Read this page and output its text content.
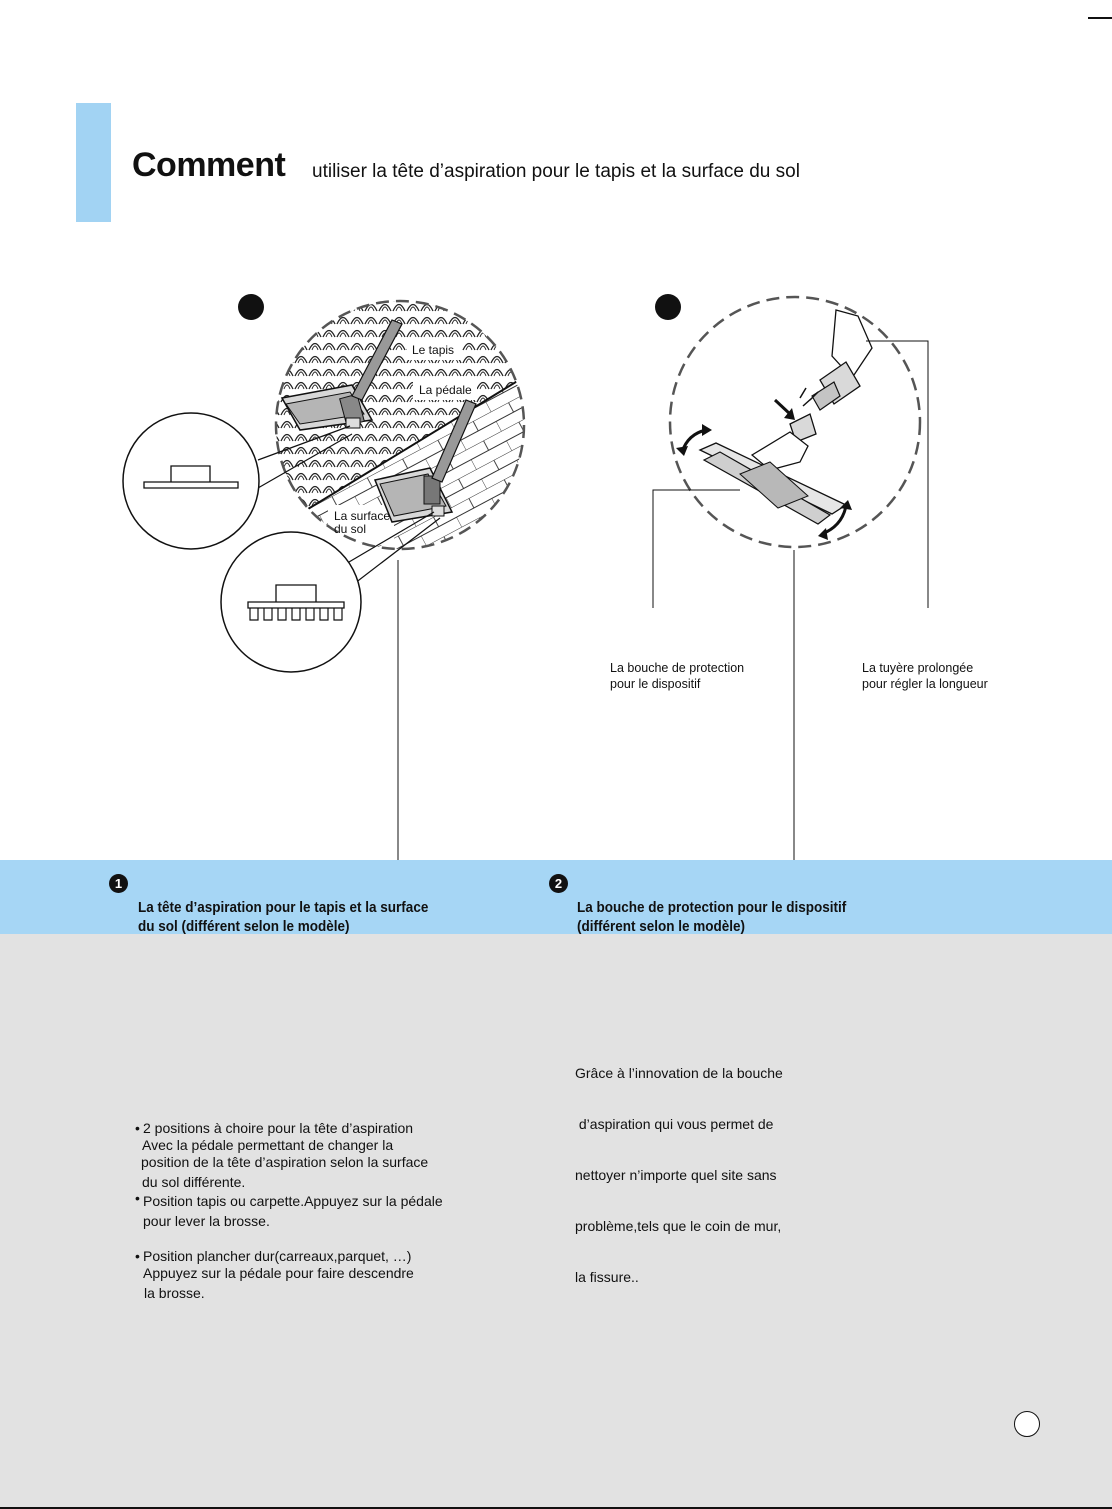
Comment utiliser la tête d’aspiration pour le tapis et la surface du sol
Le tapis
La pédale
La surface
du sol
La bouche de protection
pour le dispositif
La tuyère prolongée
pour régler la longueur
1
La tête d’aspiration pour le tapis et la surface
du sol (différent selon le modèle)
• 2 positions à choire pour la tête d’aspiration
Avec la pédale permettant de changer la
position de la tête d’aspiration selon la surface
du sol différente.
• Position tapis ou carpette.Appuyez sur la pédale
pour lever la brosse.
• Position plancher dur(carreaux,parquet, …)
Appuyez sur la pédale pour faire descendre
la brosse.
2
La bouche de protection pour le dispositif
(différent selon le modèle)

Grâce à l’innovation de la bouche

d’aspiration qui vous permet de

nettoyer n’importe quel site sans

problème,tels que le coin de mur,

la fissure..
